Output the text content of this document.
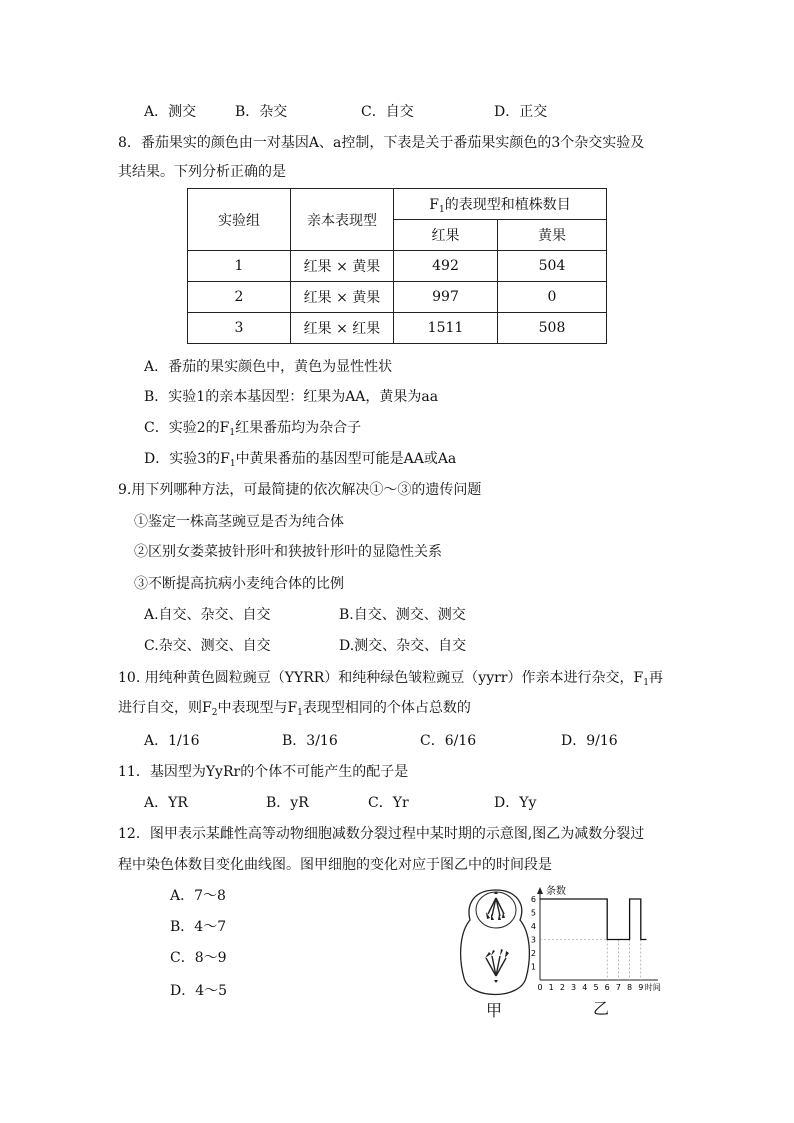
A．测交	B．杂交	C．自交	D．正交
8．番茄果实的颜色由一对基因A、a控制，下表是关于番茄果实颜色的3个杂交实验及
其结果。下列分析正确的是
实验组	亲本表现型	$F_1$的表现型和植株数目	
		红果	黄果
1	红果 × 黄果	492	504
2	红果 × 黄果	997	0
3	红果 × 红果	1511	508
A．番茄的果实颜色中，黄色为显性性状
B．实验1的亲本基因型：红果为AA，黄果为aa
C．实验2的$F_1$红果番茄均为杂合子
D．实验3的$F_1$中黄果番茄的基因型可能是AA或Aa
9.用下列哪种方法，可最简捷的依次解决①～③的遗传问题
①鉴定一株高茎豌豆是否为纯合体
②区别女娄菜披针形叶和狭披针形叶的显隐性关系
③不断提高抗病小麦纯合体的比例
A.自交、杂交、自交	B.自交、测交、测交
C.杂交、测交、自交	D.测交、杂交、自交
10. 用纯种黄色圆粒豌豆（YYRR）和纯种绿色皱粒豌豆（yyrr）作亲本进行杂交，$F_1$再
进行自交，则$F_2$中表现型与$F_1$表现型相同的个体占总数的
A．1/16	B．3/16	C．6/16	D．9/16
11．基因型为YyRr的个体不可能产生的配子是
A．YR	B．yR	C．Yr	D．Yy
12．图甲表示某雌性高等动物细胞减数分裂过程中某时期的示意图,图乙为减数分裂过
程中染色体数目变化曲线图。图甲细胞的变化对应于图乙中的时间段是
A．7～8
B．4～7
C．8～9
D．4～5
甲
1
2
3
4
5
6
0 1 2 3 4 5 6 7 8 9
条数
时间
乙
